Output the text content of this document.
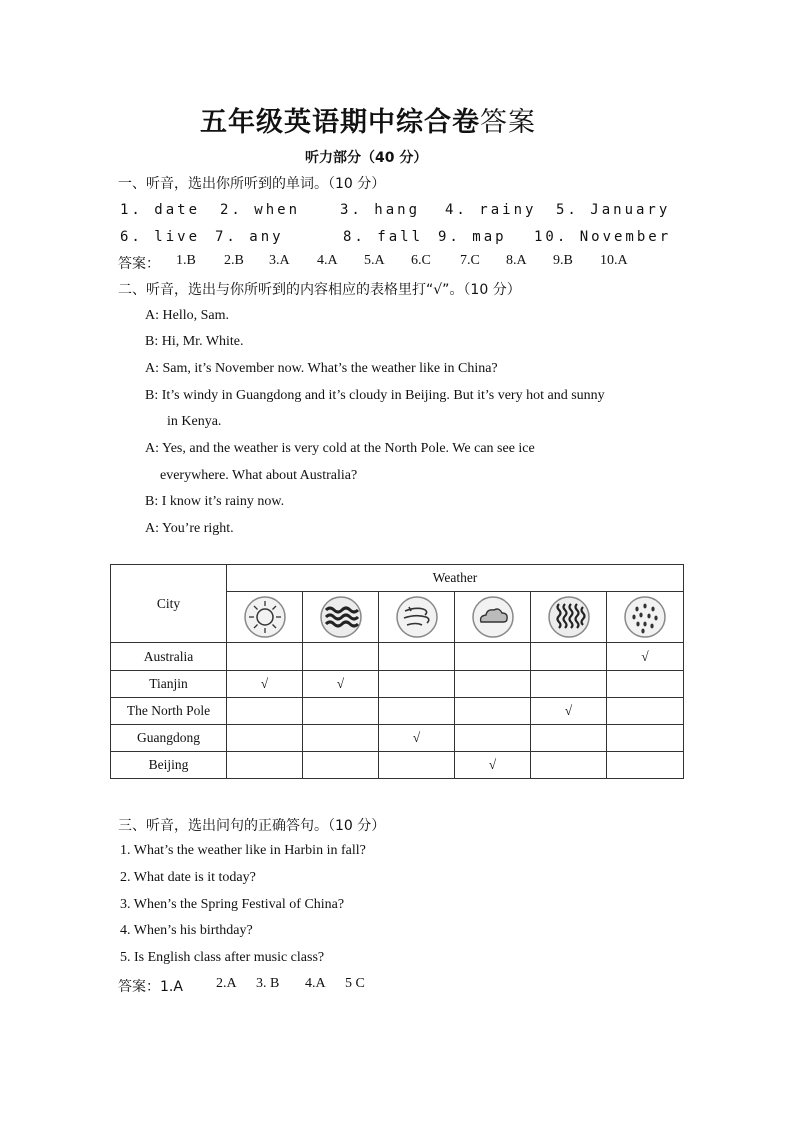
五年级英语期中综合卷答案
听力部分（40 分）
一、听音，选出你所听到的单词。（10 分）
1. date 2. when	3. hang 4. rainy 5. January
6. live 7. any	8. fall 9. map 10. November
答案： 1.B 2.B 3.A 4.A 5.A 6.C 7.C 8.A 9.B 10.A
二、听音，选出与你所听到的内容相应的表格里打“√”。（10 分）
A: Hello, Sam.
B: Hi, Mr. White.
A: Sam, it’s November now. What’s the weather like in China?
B: It’s windy in Guangdong and it’s cloudy in Beijing. But it’s very hot and sunny
in Kenya.
A: Yes, and the weather is very cold at the North Pole. We can see ice
everywhere. What about Australia?
B: I know it’s rainy now.
A: You’re right.
City	Weather					

Australia						√
Tianjin	√	√				
The North Pole					√	
Guangdong			√			
Beijing				√		
三、听音，选出问句的正确答句。（10 分）
1. What’s the weather like in Harbin in fall?
2. What date is it today?
3. When’s the Spring Festival of China?
4. When’s his birthday?
5. Is English class after music class?
答案：1.A 2.A 3. B 4.A 5 C
